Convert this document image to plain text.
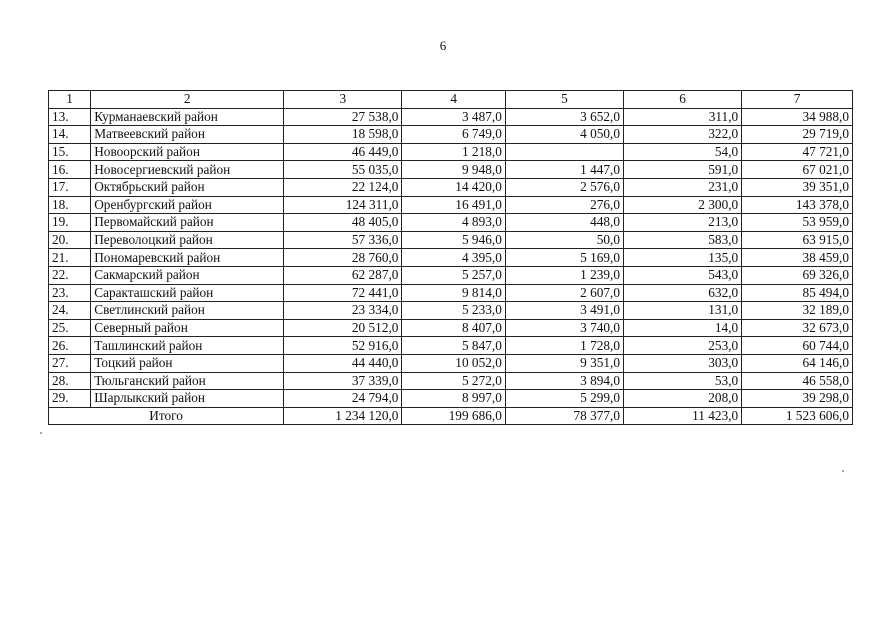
6
1	2	3	4	5	6	7
13.	Курманаевский район	27 538,0	3 487,0	3 652,0	311,0	34 988,0
14.	Матвеевский район	18 598,0	6 749,0	4 050,0	322,0	29 719,0
15.	Новоорский район	46 449,0	1 218,0		54,0	47 721,0
16.	Новосергиевский район	55 035,0	9 948,0	1 447,0	591,0	67 021,0
17.	Октябрьский район	22 124,0	14 420,0	2 576,0	231,0	39 351,0
18.	Оренбургский район	124 311,0	16 491,0	276,0	2 300,0	143 378,0
19.	Первомайский район	48 405,0	4 893,0	448,0	213,0	53 959,0
20.	Переволоцкий район	57 336,0	5 946,0	50,0	583,0	63 915,0
21.	Пономаревский район	28 760,0	4 395,0	5 169,0	135,0	38 459,0
22.	Сакмарский район	62 287,0	5 257,0	1 239,0	543,0	69 326,0
23.	Саракташский район	72 441,0	9 814,0	2 607,0	632,0	85 494,0
24.	Светлинский район	23 334,0	5 233,0	3 491,0	131,0	32 189,0
25.	Северный район	20 512,0	8 407,0	3 740,0	14,0	32 673,0
26.	Ташлинский район	52 916,0	5 847,0	1 728,0	253,0	60 744,0
27.	Тоцкий район	44 440,0	10 052,0	9 351,0	303,0	64 146,0
28.	Тюльганский район	37 339,0	5 272,0	3 894,0	53,0	46 558,0
29.	Шарлыкский район	24 794,0	8 997,0	5 299,0	208,0	39 298,0
Итого		1 234 120,0	199 686,0	78 377,0	11 423,0	1 523 606,0
